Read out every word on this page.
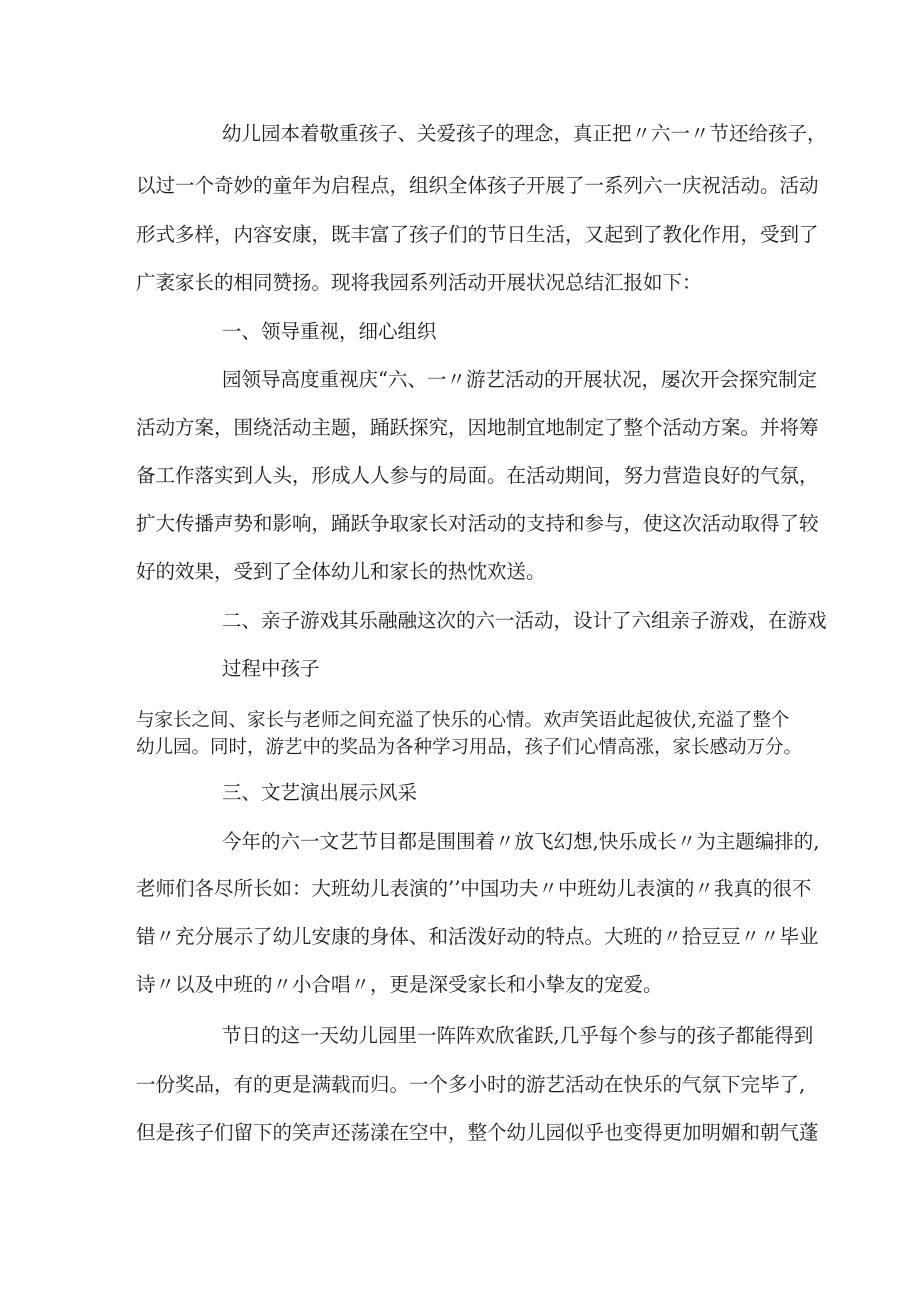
幼儿园本着敬重孩子、关爱孩子的理念，真正把〃六一〃节还给孩子，

以过一个奇妙的童年为启程点，组织全体孩子开展了一系列六一庆祝活动。活动

形式多样，内容安康，既丰富了孩子们的节日生活，又起到了教化作用，受到了

广袤家长的相同赞扬。现将我园系列活动开展状况总结汇报如下：

一、领导重视，细心组织

园领导高度重视庆“六、一〃游艺活动的开展状况，屡次开会探究制定

活动方案，围绕活动主题，踊跃探究，因地制宜地制定了整个活动方案。并将筹

备工作落实到人头，形成人人参与的局面。在活动期间，努力营造良好的气氛，

扩大传播声势和影响，踊跃争取家长对活动的支持和参与，使这次活动取得了较

好的效果，受到了全体幼儿和家长的热忱欢送。

二、亲子游戏其乐融融这次的六一活动，设计了六组亲子游戏，在游戏

过程中孩子

与家长之间、家长与老师之间充溢了快乐的心情。欢声笑语此起彼伏,充溢了整个

幼儿园。同时，游艺中的奖品为各种学习用品，孩子们心情高涨，家长感动万分。

三、文艺演出展示风采

今年的六一文艺节目都是围围着〃放飞幻想,快乐成长〃为主题编排的,

老师们各尽所长如：大班幼儿表演的’’中国功夫〃中班幼儿表演的〃我真的很不

错〃充分展示了幼儿安康的身体、和活泼好动的特点。大班的〃拾豆豆〃〃毕业

诗〃以及中班的〃小合唱〃，更是深受家长和小挚友的宠爱。

节日的这一天幼儿园里一阵阵欢欣雀跃,几乎每个参与的孩子都能得到

一份奖品，有的更是满载而归。一个多小时的游艺活动在快乐的气氛下完毕了,

但是孩子们留下的笑声还荡漾在空中，整个幼儿园似乎也变得更加明媚和朝气蓬
